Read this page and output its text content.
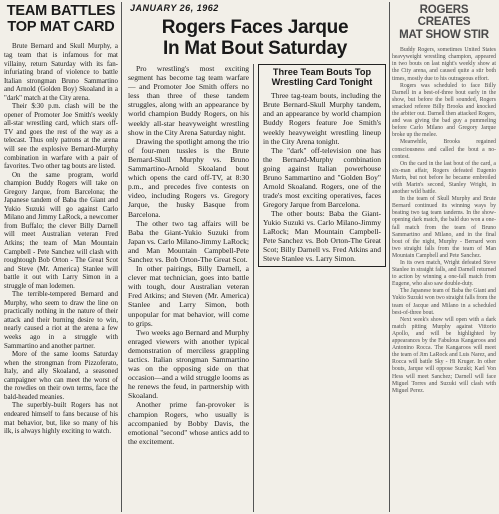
TEAM BATTLES
TOP MAT CARD

Brute Bernard and Skull Murphy, a tag team that is infamous for mat villainy, return Saturday with its fan-infuriating brand of violence to battle Italian strongman Bruno Sammartino and Arnold (Golden Boy) Skoaland in a "dark" match at the City arena.

Their $:30 p.m. clash will be the opener of Promoter Joe Smith's weekly all-star wrestling card, which stars off-TV and goes the rest of the way as a telecast. Thus only patrons at the arena will see the explosive Bernard-Murphy combination in warfare with a pair of favorites. Two other tag bouts are listed.

On the same program, world champion Buddy Rogers will take on Gregory Jarque, from Barcelona; the Japanese tandem of Baba the Giant and Yukio Suzuki will go against Carlo Milano and Jimmy LaRock, a newcomer from Buffalo; the clever Billy Darnell will meet Australian veteran Fred Atkins; the team of Man Mountain Campbell - Pete Sanchez will clash with roughtough Bob Orton - The Great Scot and Steve (Mr. America) Stanlee will battle it out with Larry Simon in a struggle of man lodemen.

The terrible-tempered Bernard and Murphy, who seem to draw the line on practically nothing in the nature of their attack and their burning desire to win, nearly caused a riot at the arena a few weeks ago in a struggle with Sammartino and another partner.

More of the same looms Saturday when the strongman from Pizzoferato, Italy, and ally Skoaland, a seasoned campaigner who can meet the worst of the rowdies on their own terms, face the bald-headed meanies.

The superbly-built Rogers has not endeared himself to fans because of his mat behavior, but, like so many of his ilk, is always highly exciting to watch.

JANUARY 26, 1962
Rogers Faces Jarque
In Mat Bout Saturday

Pro wrestling's most exciting segment has become tag team warfare — and Promoter Joe Smith offers no less than three of these tandem struggles, along with an appearance by world champion Buddy Rogers, on his weekly all-star heavyweight wrestling show in the City Arena Saturday night.

Drawing the spotlight among the trio of four-men tussles is the Brute Bernard-Skull Murphy vs. Bruno Sammartino-Arnold Skoaland bout which opens the card off-TV, at 8:30 p.m., and precedes five contests on video, including Rogers vs. Gregory Jarque, the husky Basque from Barcelona.

The other two tag affairs will be Baba the Giant-Yukio Suzuki from Japan vs. Carlo Milano-Jimmy LaRock; and Man Mountain Campbell-Pete Sanchez vs. Bob Orton-The Great Scot.

In other pairings, Billy Darnell, a clever mat technician, goes into battle with tough, dour Australian veteran Fred Atkins; and Steven (Mr. America) Stanlee and Larry Simon, both unpopular for mat behavior, will come to grips.

Two weeks ago Bernard and Murphy enraged viewers with another typical demonstration of merciless grappling tactics. Italian strongman Sammartino was on the opposing side on that occasion—and a wild struggle looms as he renews the feud, in partnership with Skoaland.

Another prime fan-provoker is champion Rogers, who usually is accompanied by Bobby Davis, the emotional "second" whose antics add to the excitement.

Three Team Bouts Top
Wrestling Card Tonight

Three tag-team bouts, including the Brute Bernard-Skull Murphy tandem, and an appearance by world champion Buddy Rogers feature Joe Smith's weekly heavyweight wrestling lineup in the City Arena tonight.

The "dark" off-television one has the Bernard-Murphy combination going against Italian powerhouse Bruno Sammartino and "Golden Boy" Arnold Skoaland. Rogers, one of the trade's most exciting operatives, faces Gregory Jarque from Barcelona.

The other bouts: Baba the Giant-Yukio Suzuki vs. Carlo Milano-Jimmy LaRock; Man Mountain Campbell-Pete Sanchez vs. Bob Orton-The Great Scot; Billy Darnell vs. Fred Atkins and Steve Stanlee vs. Larry Simon.

ROGERS CREATES
MAT SHOW STIR

Buddy Rogers, sometimes United States heavyweight wrestling champion, appeared in two bouts on last night's weekly show at the City arena, and caused quite a stir both times, mostly due to his outrageous effort.

Rogers was scheduled to face Billy Darnell in a best-of-three bout early in the show, but before the bell sounded, Rogers smacked referee Billy Brooks and knocked the arbiter out. Darnell then attacked Rogers, and was giving the bad guy a pummeling before Carlo Milano and Gregory Jarque broke up the melee.

Meanwhile, Brooks regained consciousness and called the bout a no-contest.

On the card in the last bout of the card, a six-man affair, Rogers defeated Eugenio Marin, but not before he became embroiled with Marin's second, Stanley Wright, in another wild battle.

In the team of Skull Murphy and Brute Bernard continued its winning ways by beating two tag team tandems. In the show-opening dark match, the bald duo won a one-fall match from the team of Bruno Sammartino and Milano, and in the final bout of the night, Murphy - Bernard won two straight falls from the team of Man Mountain Campbell and Pete Sanchez.

In its own match, Wright defeated Steve Stanlee in straight falls, and Darnell returned to action by winning a one-fall match from Eugene, who also saw double-duty.

The Japanese team of Baba the Giant and Yukio Suzuki won two straight falls from the team of Jacque and Milano in a scheduled best-of-three bout.

Next week's show will open with a dark match pitting Murphy against Vittorio Apollo, and will be highlighted by appearances by the Fabulous Kangaroos and Antonino Rocca. The Kangaroos will meet the team of Jim LaRock and Luis Narez, and Rocca will battle Sky - Hi Kruger. In other bouts, Jarque will oppose Suzuki; Karl Von Hess will meet Sanchez; Darnell will face Miguel Torres and Suzuki will clash with Miguel Perez.
